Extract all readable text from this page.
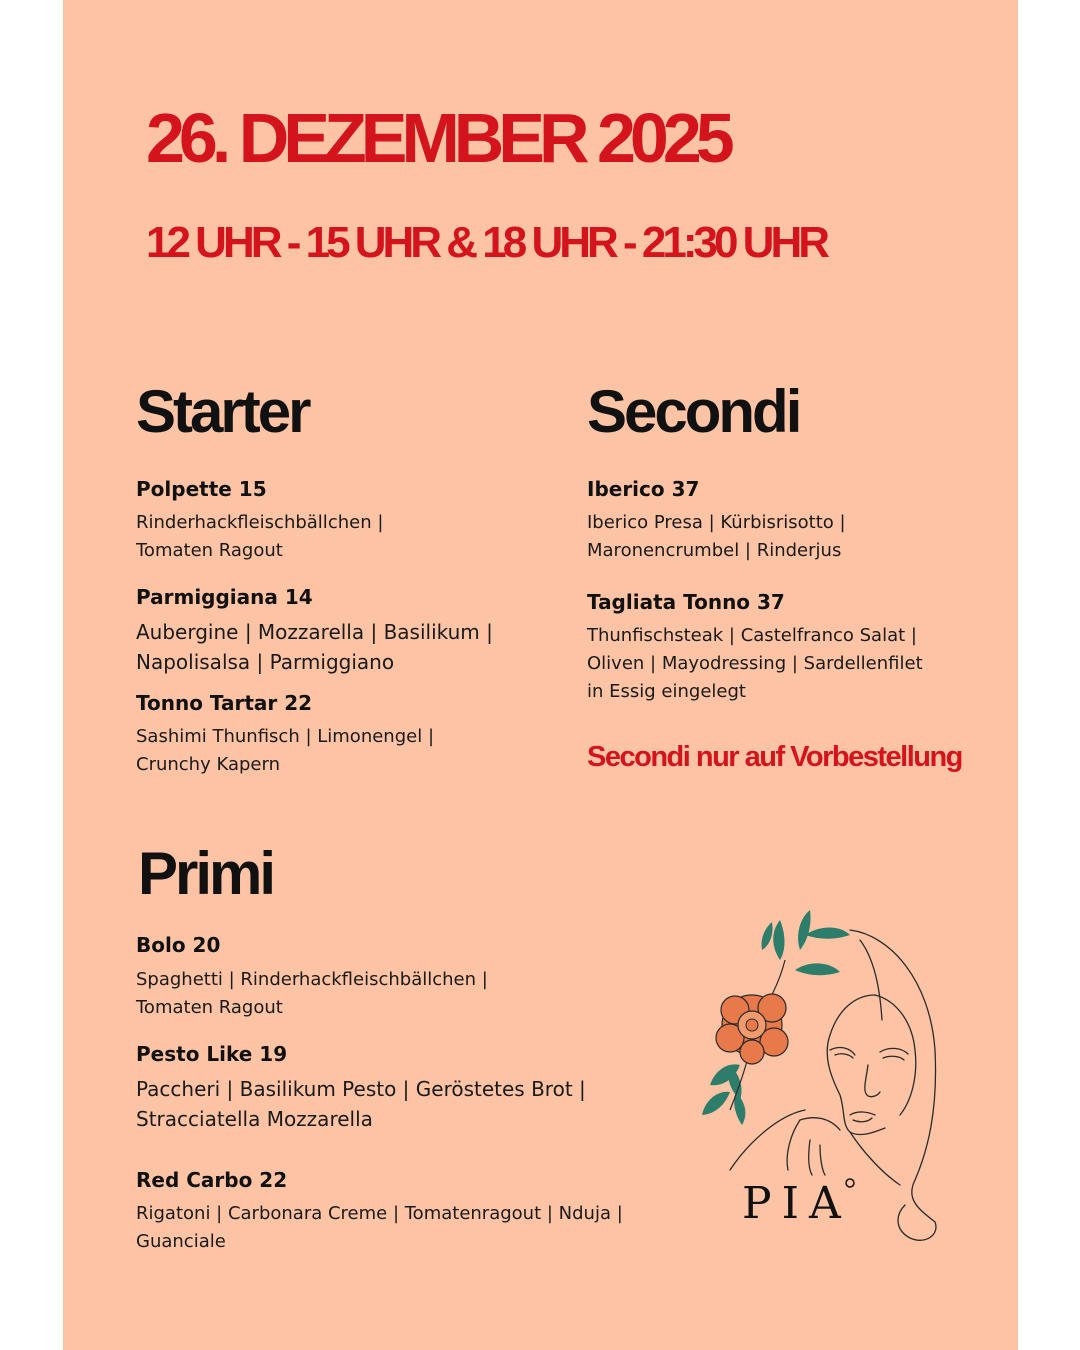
26. DEZEMBER 2025
12 UHR - 15 UHR & 18 UHR - 21:30 UHR
Starter
Polpette 15
Rinderhackfleischbällchen |
Tomaten Ragout
Parmiggiana 14
Aubergine | Mozzarella | Basilikum |
Napolisalsa | Parmiggiano
Tonno Tartar 22
Sashimi Thunfisch | Limonengel |
Crunchy Kapern
Secondi
Iberico 37
Iberico Presa | Kürbisrisotto |
Maronencrumbel | Rinderjus
Tagliata Tonno 37
Thunfischsteak | Castelfranco Salat |
Oliven | Mayodressing | Sardellenfilet
in Essig eingelegt
Secondi nur auf Vorbestellung
Primi
Bolo 20
Spaghetti | Rinderhackfleischbällchen |
Tomaten Ragout
Pesto Like 19
Paccheri | Basilikum Pesto | Geröstetes Brot |
Stracciatella Mozzarella
Red Carbo 22
Rigatoni | Carbonara Creme | Tomatenragout | Nduja |
Guanciale
PIA
